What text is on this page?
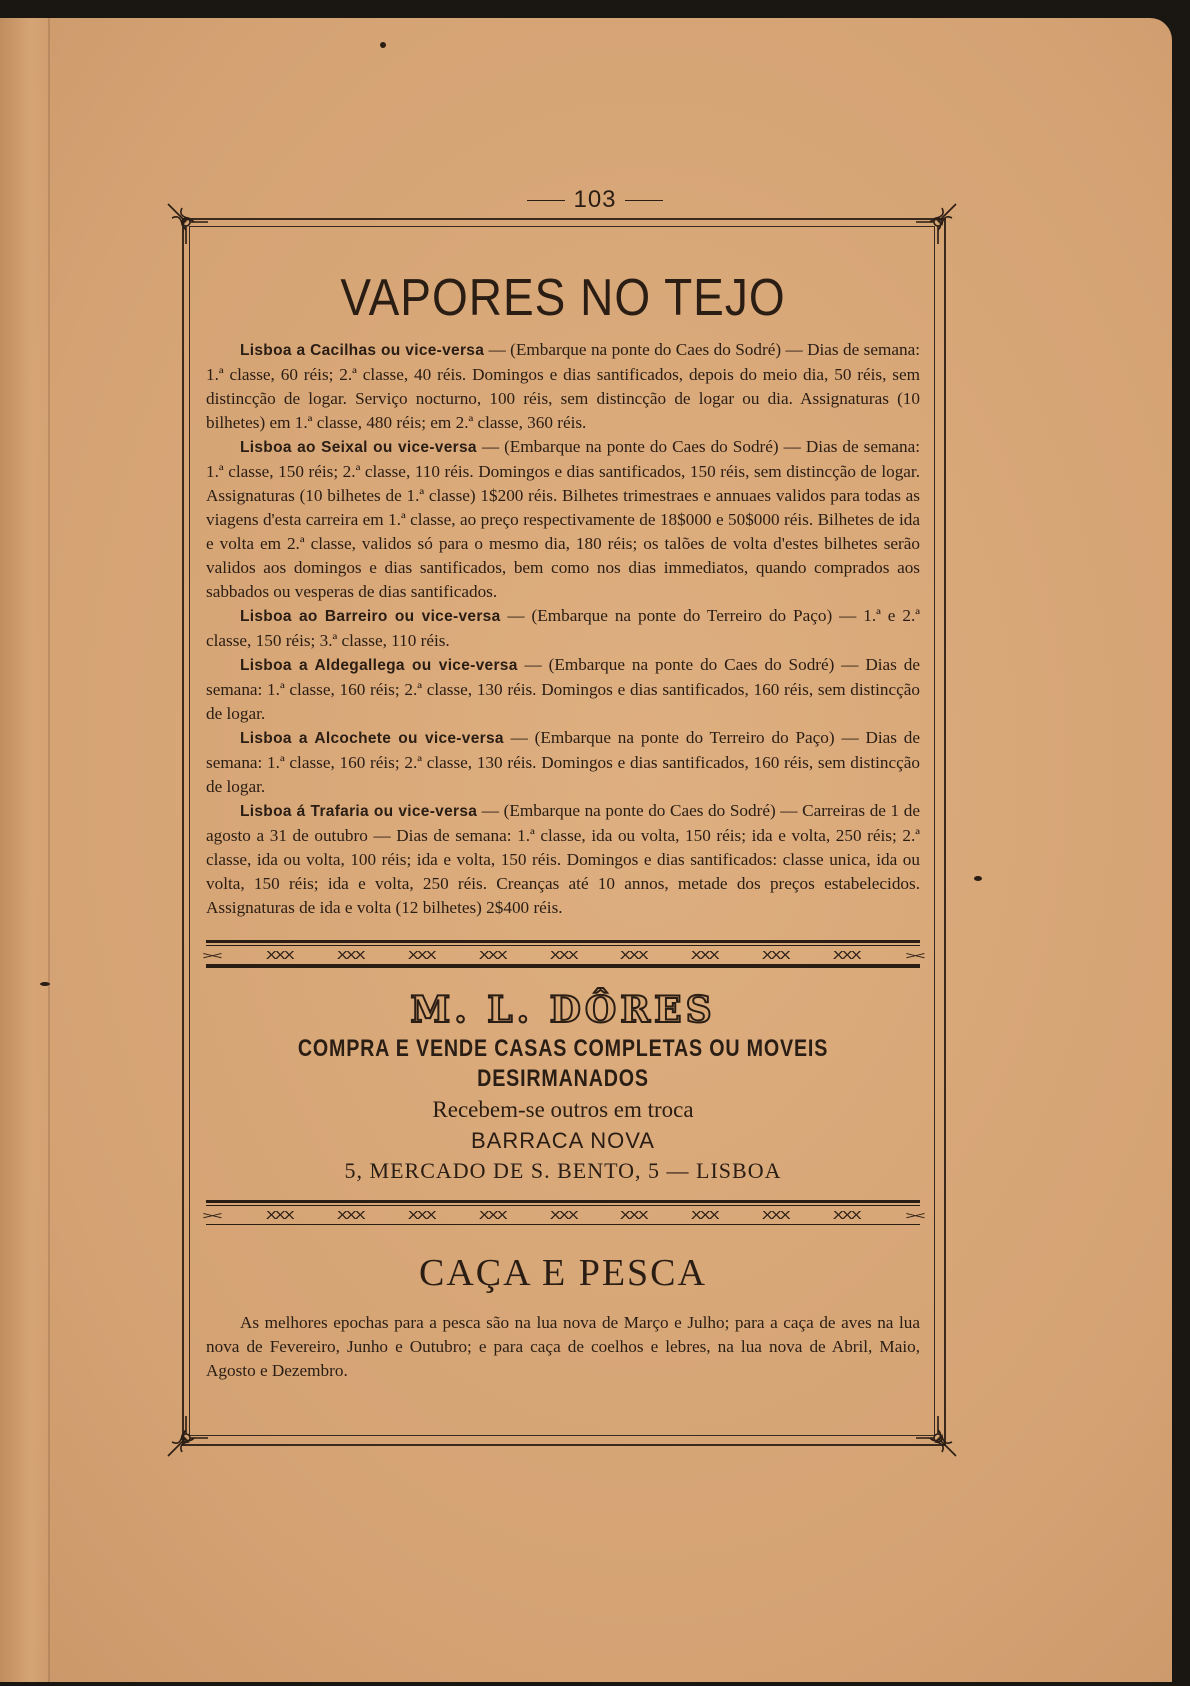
103
VAPORES NO TEJO

Lisboa a Cacilhas ou vice-versa — (Embarque na ponte do Caes do Sodré) — Dias de semana: 1.ª classe, 60 réis; 2.ª classe, 40 réis. Domingos e dias santificados, depois do meio dia, 50 réis, sem distincção de logar. Serviço nocturno, 100 réis, sem distincção de logar ou dia. Assignaturas (10 bilhetes) em 1.ª classe, 480 réis; em 2.ª classe, 360 réis.

Lisboa ao Seixal ou vice-versa — (Embarque na ponte do Caes do Sodré) — Dias de semana: 1.ª classe, 150 réis; 2.ª classe, 110 réis. Domingos e dias santificados, 150 réis, sem distincção de logar. Assignaturas (10 bilhetes de 1.ª classe) 1$200 réis. Bilhetes trimestraes e annuaes validos para todas as viagens d'esta carreira em 1.ª classe, ao preço respectivamente de 18$000 e 50$000 réis. Bilhetes de ida e volta em 2.ª classe, validos só para o mesmo dia, 180 réis; os talões de volta d'estes bilhetes serão validos aos domingos e dias santificados, bem como nos dias immediatos, quando comprados aos sabbados ou vesperas de dias santificados.

Lisboa ao Barreiro ou vice-versa — (Embarque na ponte do Terreiro do Paço) — 1.ª e 2.ª classe, 150 réis; 3.ª classe, 110 réis.

Lisboa a Aldegallega ou vice-versa — (Embarque na ponte do Caes do Sodré) — Dias de semana: 1.ª classe, 160 réis; 2.ª classe, 130 réis. Domingos e dias santificados, 160 réis, sem distincção de logar.

Lisboa a Alcochete ou vice-versa — (Embarque na ponte do Terreiro do Paço) — Dias de semana: 1.ª classe, 160 réis; 2.ª classe, 130 réis. Domingos e dias santificados, 160 réis, sem distincção de logar.

Lisboa á Trafaria ou vice-versa — (Embarque na ponte do Caes do Sodré) — Carreiras de 1 de agosto a 31 de outubro — Dias de semana: 1.ª classe, ida ou volta, 150 réis; ida e volta, 250 réis; 2.ª classe, ida ou volta, 100 réis; ida e volta, 150 réis. Domingos e dias santificados: classe unica, ida ou volta, 150 réis; ida e volta, 250 réis. Creanças até 10 annos, metade dos preços estabelecidos. Assignaturas de ida e volta (12 bilhetes) 2$400 réis.

><	XXX	XXX	XXX	XXX	XXX	XXX	XXX	XXX	XXX	><
M. L. DÔRES
COMPRA E VENDE CASAS COMPLETAS OU MOVEIS DESIRMANADOS
Recebem-se outros em troca
BARRACA NOVA
5, MERCADO DE S. BENTO, 5 — LISBOA
><	XXX	XXX	XXX	XXX	XXX	XXX	XXX	XXX	XXX	><
CAÇA E PESCA

As melhores epochas para a pesca são na lua nova de Março e Julho; para a caça de aves na lua nova de Fevereiro, Junho e Outubro; e para caça de coelhos e lebres, na lua nova de Abril, Maio, Agosto e Dezembro.
